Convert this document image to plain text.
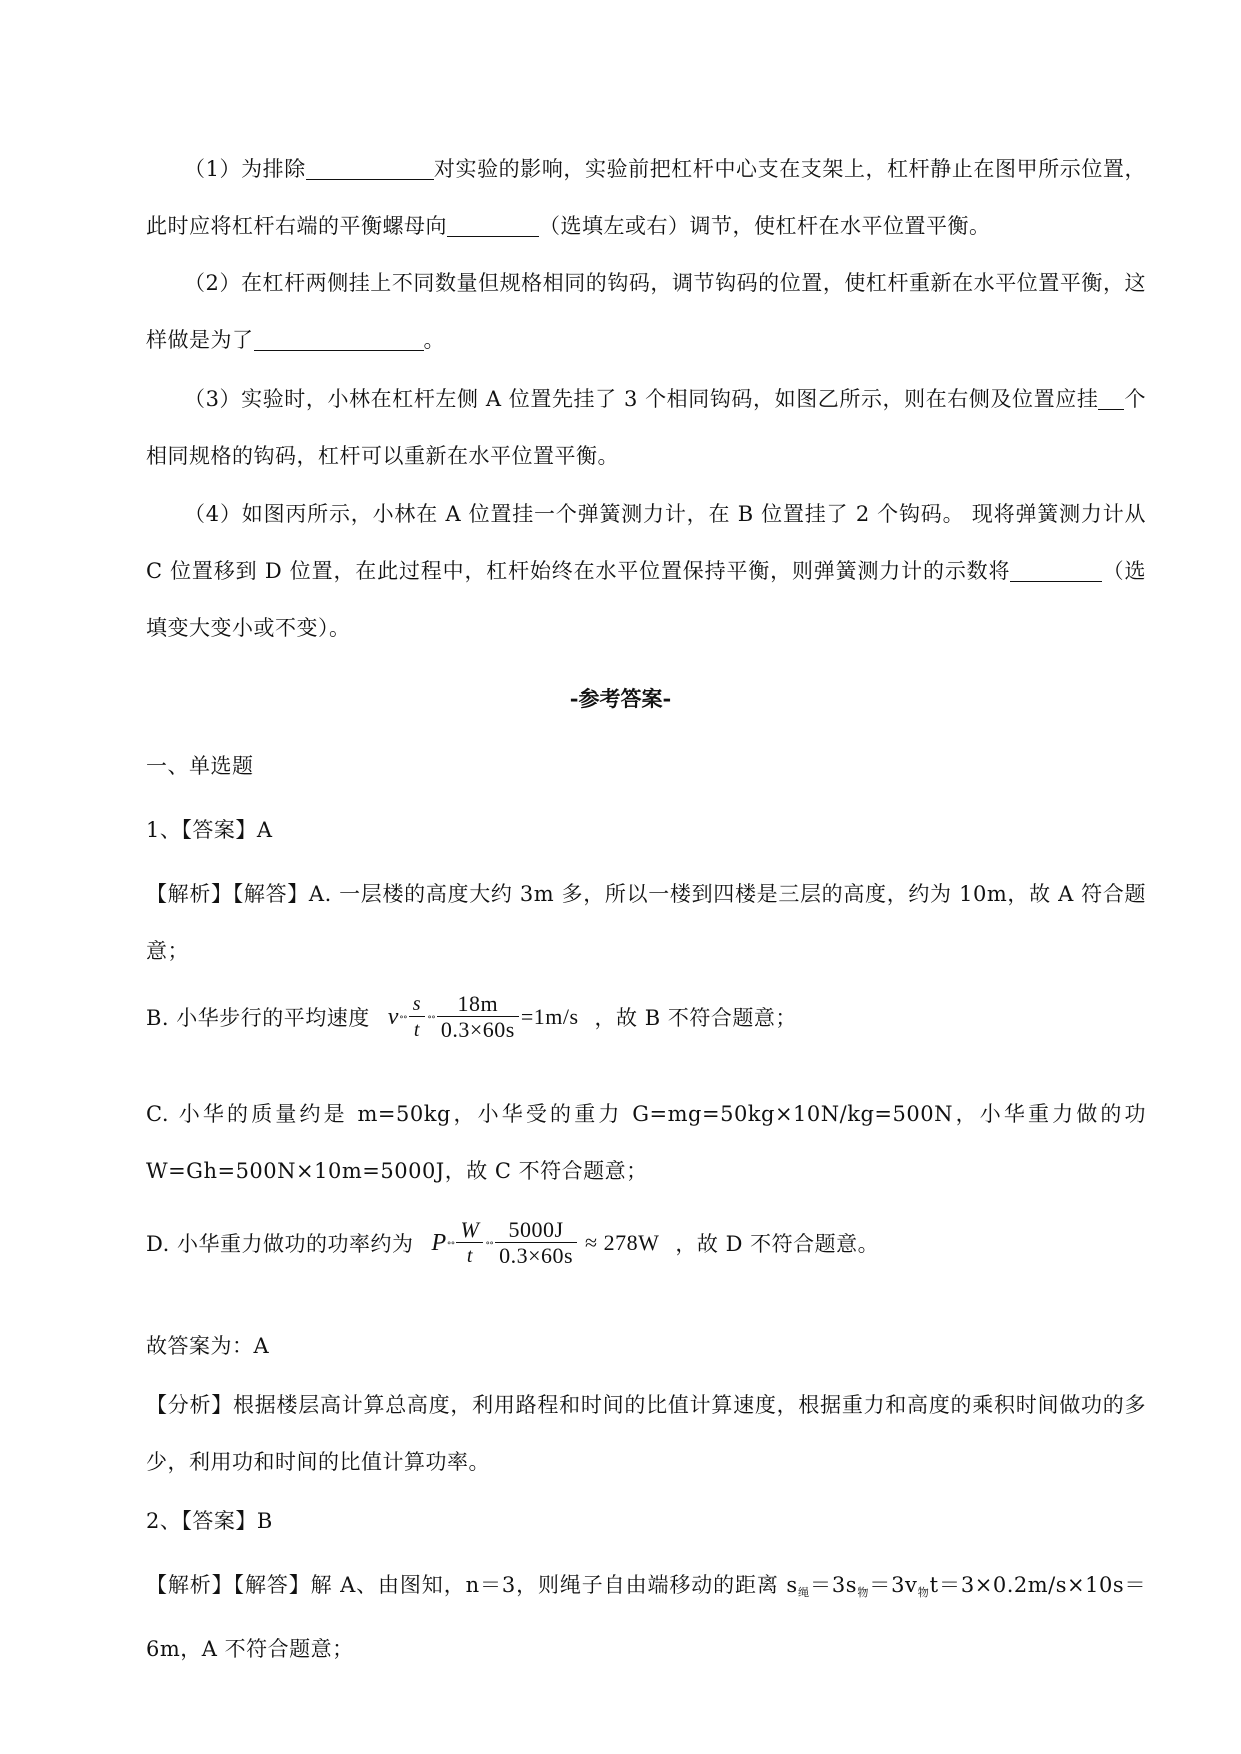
（1）为排除	对实验的影响，实验前把杠杆中心支在支架上，杠杆静止在图甲所示位置，此时应将杠杆右端的平衡螺母向	（选填左或右）调节，使杠杆在水平位置平衡。
（2）在杠杆两侧挂上不同数量但规格相同的钩码，调节钩码的位置，使杠杆重新在水平位置平衡，这样做是为了	。
（3）实验时，小林在杠杆左侧 A 位置先挂了 3 个相同钩码，如图乙所示，则在右侧及位置应挂 个相同规格的钩码，杠杆可以重新在水平位置平衡。
（4）如图丙所示，小林在 A 位置挂一个弹簧测力计，在 B 位置挂了 2 个钩码。 现将弹簧测力计从 C 位置移到 D 位置，在此过程中，杠杆始终在水平位置保持平衡，则弹簧测力计的示数将	（选填变大变小或不变）。
-参考答案-
一、单选题
1、【答案】A
【解析】【解答】A. 一层楼的高度大约 3m 多，所以一楼到四楼是三层的高度，约为 10m，故 A 符合题意；
B. 小华步行的平均速度 v ∘∘ $\frac{s}{t}$ ∘∘ $\frac{18m}{0.3\times 60s} =1m/s$ ，故 B 不符合题意；
C. 小华的质量约是 m=50kg，小华受的重力 G=mg=50kg×10N/kg=500N，小华重力做的功 W=Gh=500N×10m=5000J，故 C 不符合题意；
D. 小华重力做功的功率约为 P ∘∘ $\frac{W}{t}$ ∘∘ $\frac{5000J}{0.3\times 60s} \approx 278W$ ，故 D 不符合题意。
故答案为：A
【分析】根据楼层高计算总高度，利用路程和时间的比值计算速度，根据重力和高度的乘积时间做功的多少，利用功和时间的比值计算功率。
2、【答案】B
【解析】【解答】解 A、由图知，n＝3，则绳子自由端移动的距离 $s_绳=3s_物=3v_物t=3\times 0.2m/s\times 10s=6m$，A 不符合题意；
